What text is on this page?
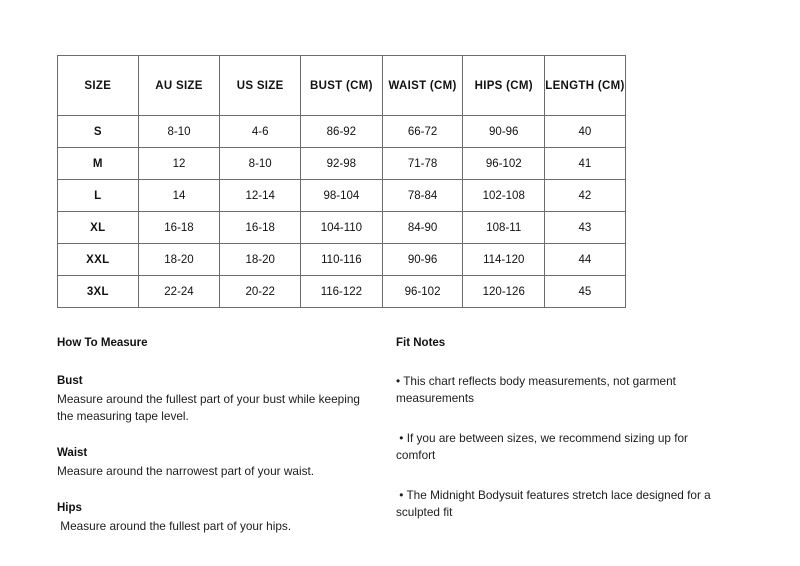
SIZE	AU SIZE	US SIZE	BUST (CM)	WAIST (CM)	HIPS (CM)	LENGTH (CM)
S	8-10	4-6	86-92	66-72	90-96	40
M	12	8-10	92-98	71-78	96-102	41
L	14	12-14	98-104	78-84	102-108	42
XL	16-18	16-18	104-110	84-90	108-11	43
XXL	18-20	18-20	110-116	90-96	114-120	44
3XL	22-24	20-22	116-122	96-102	120-126	45
How To Measure
Bust
Measure around the fullest part of your bust while keeping the measuring tape level.
Waist
Measure around the narrowest part of your waist.
Hips
Measure around the fullest part of your hips.
Fit Notes
• This chart reflects body measurements, not garment measurements
• If you are between sizes, we recommend sizing up for comfort
• The Midnight Bodysuit features stretch lace designed for a sculpted fit
